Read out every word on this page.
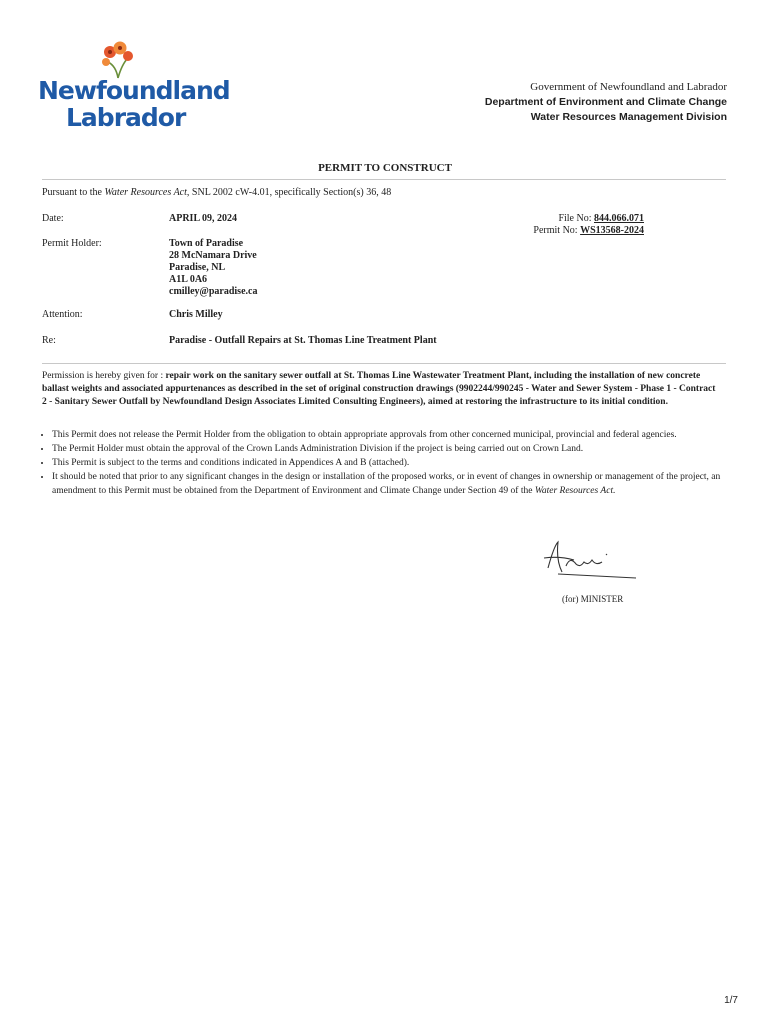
Newfoundland
Labrador
Government of Newfoundland and Labrador
Department of Environment and Climate Change
Water Resources Management Division
PERMIT TO CONSTRUCT
Pursuant to the Water Resources Act, SNL 2002 cW-4.01, specifically Section(s) 36, 48
Date:	APRIL 09, 2024	File No: 844.066.071
Permit No: WS13568-2024
Permit Holder:	Town of Paradise
28 McNamara Drive
Paradise, NL
A1L 0A6
cmilley@paradise.ca
Attention:	Chris Milley
Re:	Paradise - Outfall Repairs at St. Thomas Line Treatment Plant
Permission is hereby given for : repair work on the sanitary sewer outfall at St. Thomas Line Wastewater Treatment Plant, including the installation of new concrete ballast weights and associated appurtenances as described in the set of original construction drawings (9902244/990245 - Water and Sewer System - Phase 1 - Contract 2 - Sanitary Sewer Outfall by Newfoundland Design Associates Limited Consulting Engineers), aimed at restoring the infrastructure to its initial condition.
• This Permit does not release the Permit Holder from the obligation to obtain appropriate approvals from other concerned municipal, provincial and federal agencies.
• The Permit Holder must obtain the approval of the Crown Lands Administration Division if the project is being carried out on Crown Land.
• This Permit is subject to the terms and conditions indicated in Appendices A and B (attached).
• It should be noted that prior to any significant changes in the design or installation of the proposed works, or in event of changes in ownership or management of the project, an amendment to this Permit must be obtained from the Department of Environment and Climate Change under Section 49 of the Water Resources Act.
(for) MINISTER
1/7
